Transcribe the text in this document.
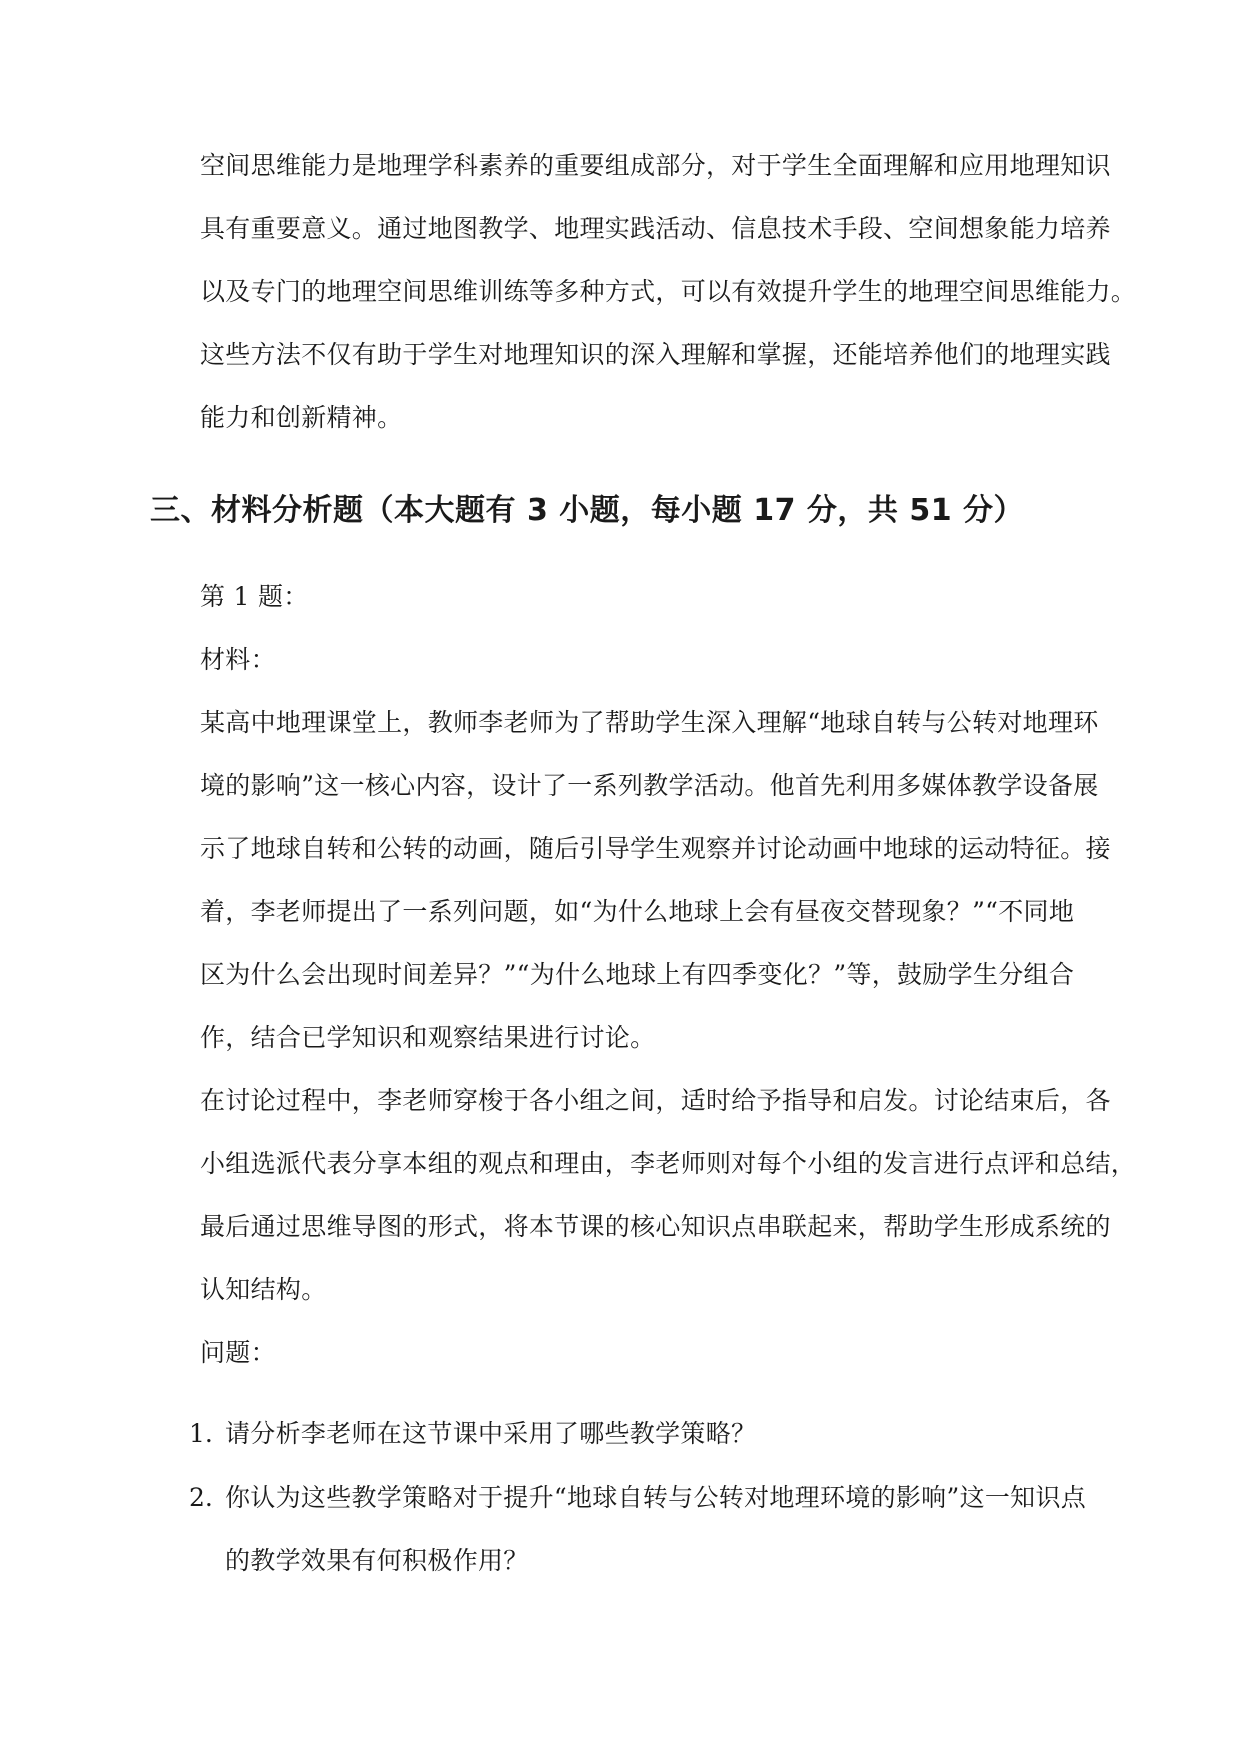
空间思维能力是地理学科素养的重要组成部分，对于学生全面理解和应用地理知识
具有重要意义。通过地图教学、地理实践活动、信息技术手段、空间想象能力培养
以及专门的地理空间思维训练等多种方式，可以有效提升学生的地理空间思维能力。
这些方法不仅有助于学生对地理知识的深入理解和掌握，还能培养他们的地理实践
能力和创新精神。
三、材料分析题（本大题有 3 小题，每小题 17 分，共 51 分）
第 1 题：
材料：
某高中地理课堂上，教师李老师为了帮助学生深入理解“地球自转与公转对地理环
境的影响”这一核心内容，设计了一系列教学活动。他首先利用多媒体教学设备展
示了地球自转和公转的动画，随后引导学生观察并讨论动画中地球的运动特征。接
着，李老师提出了一系列问题，如“为什么地球上会有昼夜交替现象？”“不同地
区为什么会出现时间差异？”“为什么地球上有四季变化？”等，鼓励学生分组合
作，结合已学知识和观察结果进行讨论。
在讨论过程中，李老师穿梭于各小组之间，适时给予指导和启发。讨论结束后，各
小组选派代表分享本组的观点和理由，李老师则对每个小组的发言进行点评和总结，
最后通过思维导图的形式，将本节课的核心知识点串联起来，帮助学生形成系统的
认知结构。
问题：
1. 请分析李老师在这节课中采用了哪些教学策略？
2. 你认为这些教学策略对于提升“地球自转与公转对地理环境的影响”这一知识点
的教学效果有何积极作用？
